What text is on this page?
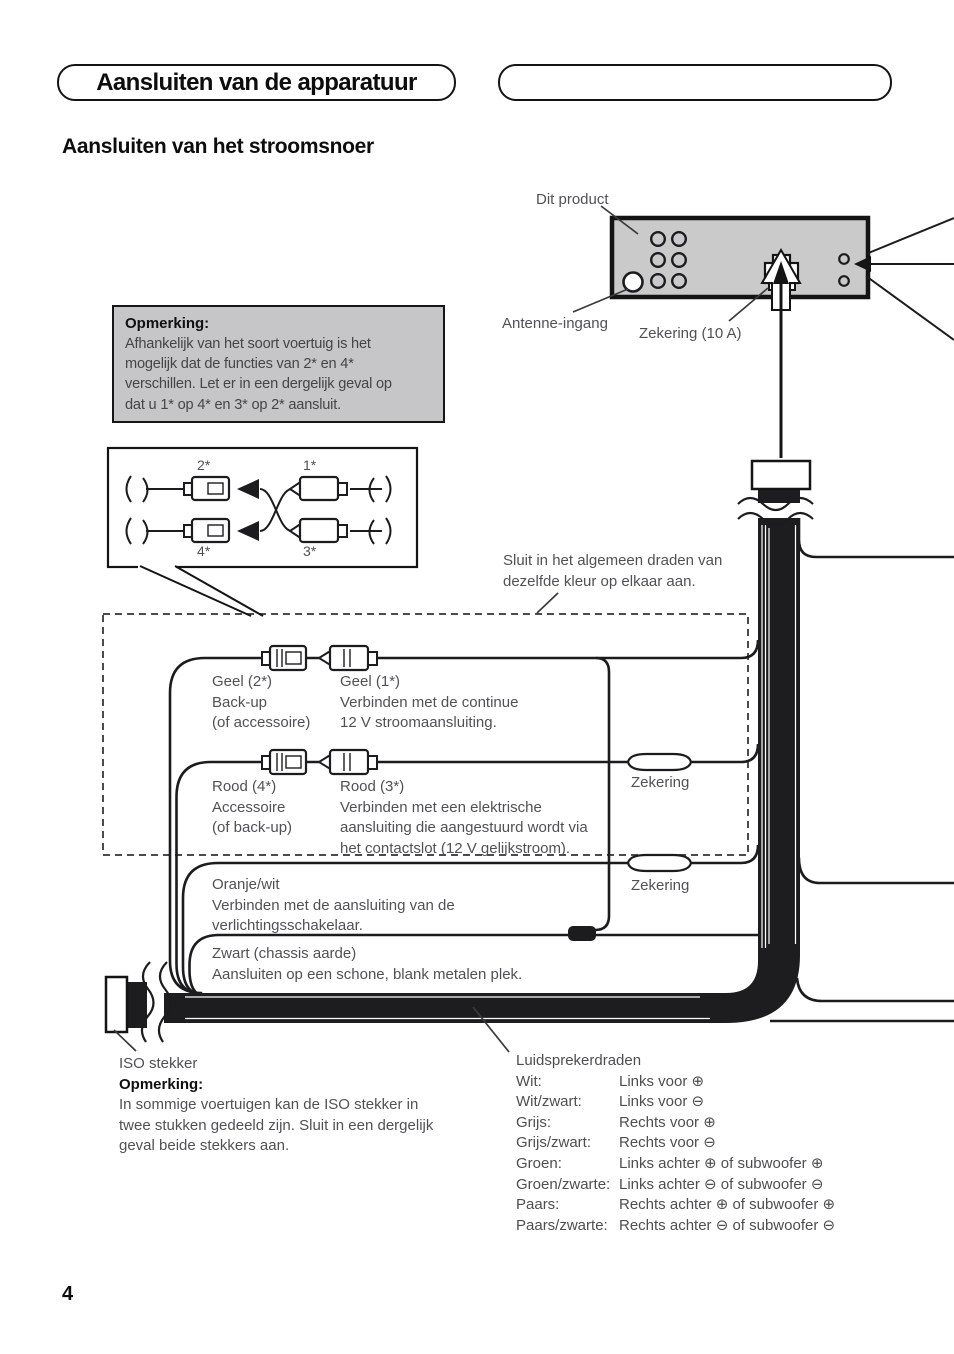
Aansluiten van de apparatuur
Aansluiten van het stroomsnoer
Dit product
Antenne-ingang
Zekering (10 A)
Opmerking:
Afhankelijk van het soort voertuig is het
mogelijk dat de functies van 2* en 4*
verschillen. Let er in een dergelijk geval op
dat u 1* op 4* en 3* op 2* aansluit.
2*	1*
4*	3*
Sluit in het algemeen draden van
dezelfde kleur op elkaar aan.
Geel (2*)
Back-up
(of accessoire)
Geel (1*)
Verbinden met de continue
12 V stroomaansluiting.
Rood (4*)
Accessoire
(of back-up)
Rood (3*)
Verbinden met een elektrische
aansluiting die aangestuurd wordt via
het contactslot (12 V gelijkstroom).
Zekering
Zekering
Oranje/wit
Verbinden met de aansluiting van de
verlichtingsschakelaar.
Zwart (chassis aarde)
Aansluiten op een schone, blank metalen plek.
ISO stekker
Opmerking:
In sommige voertuigen kan de ISO stekker in
twee stukken gedeeld zijn. Sluit in een dergelijk
geval beide stekkers aan.
Luidsprekerdraden
Wit:	Links voor ⊕
Wit/zwart: Links voor ⊖
Grijs:	Rechts voor ⊕
Grijs/zwart: Rechts voor ⊖
Groen:	Links achter ⊕ of subwoofer ⊕
Groen/zwarte: Links achter ⊖ of subwoofer ⊖
Paars:	Rechts achter ⊕ of subwoofer ⊕
Paars/zwarte: Rechts achter ⊖ of subwoofer ⊖
4
